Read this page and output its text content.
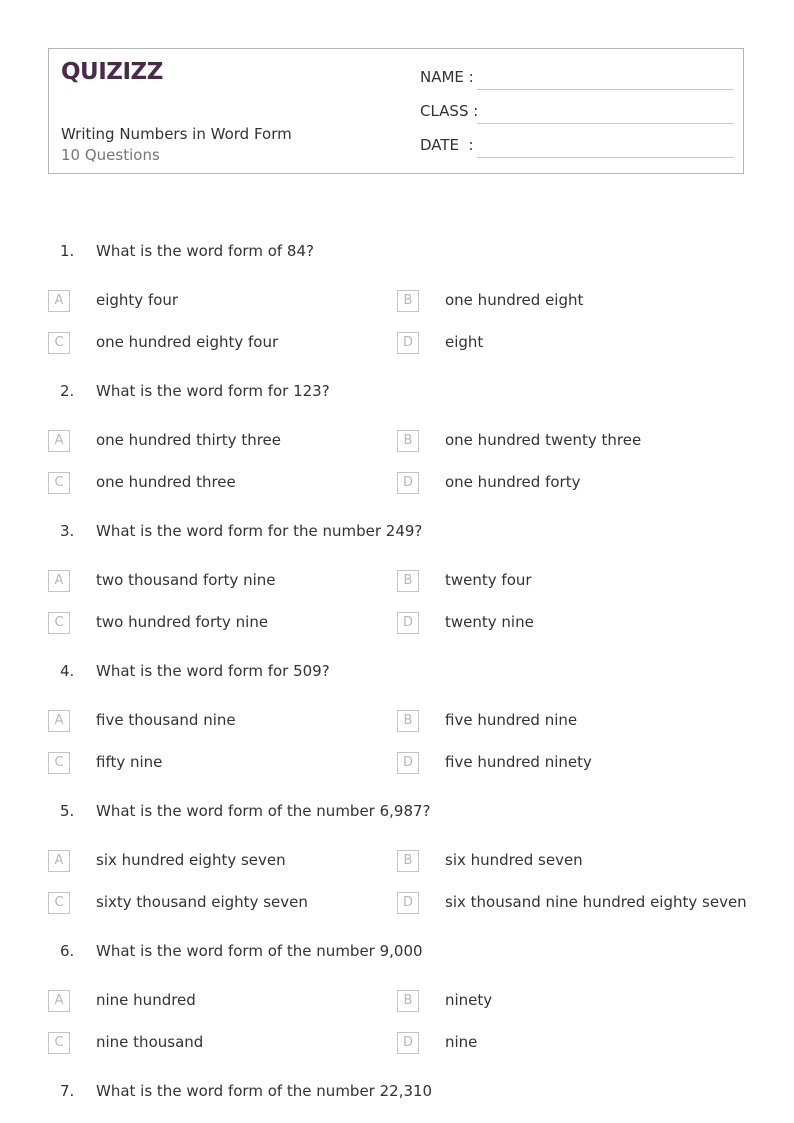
QUIZIZZ
Writing Numbers in Word Form
10 Questions
NAME :
CLASS :
DATE  :
1. What is the word form of 84?
A	eighty four	B	one hundred eight
C	one hundred eighty four	D	eight
2. What is the word form for 123?
A	one hundred thirty three	B	one hundred twenty three
C	one hundred three	D	one hundred forty
3. What is the word form for the number 249?
A	two thousand forty nine	B	twenty four
C	two hundred forty nine	D	twenty nine
4. What is the word form for 509?
A	five thousand nine	B	five hundred nine
C	fifty nine	D	five hundred ninety
5. What is the word form of the number 6,987?
A	six hundred eighty seven	B	six hundred seven
C	sixty thousand eighty seven	D	six thousand nine hundred eighty seven
6. What is the word form of the number 9,000
A	nine hundred	B	ninety
C	nine thousand	D	nine
7. What is the word form of the number 22,310
